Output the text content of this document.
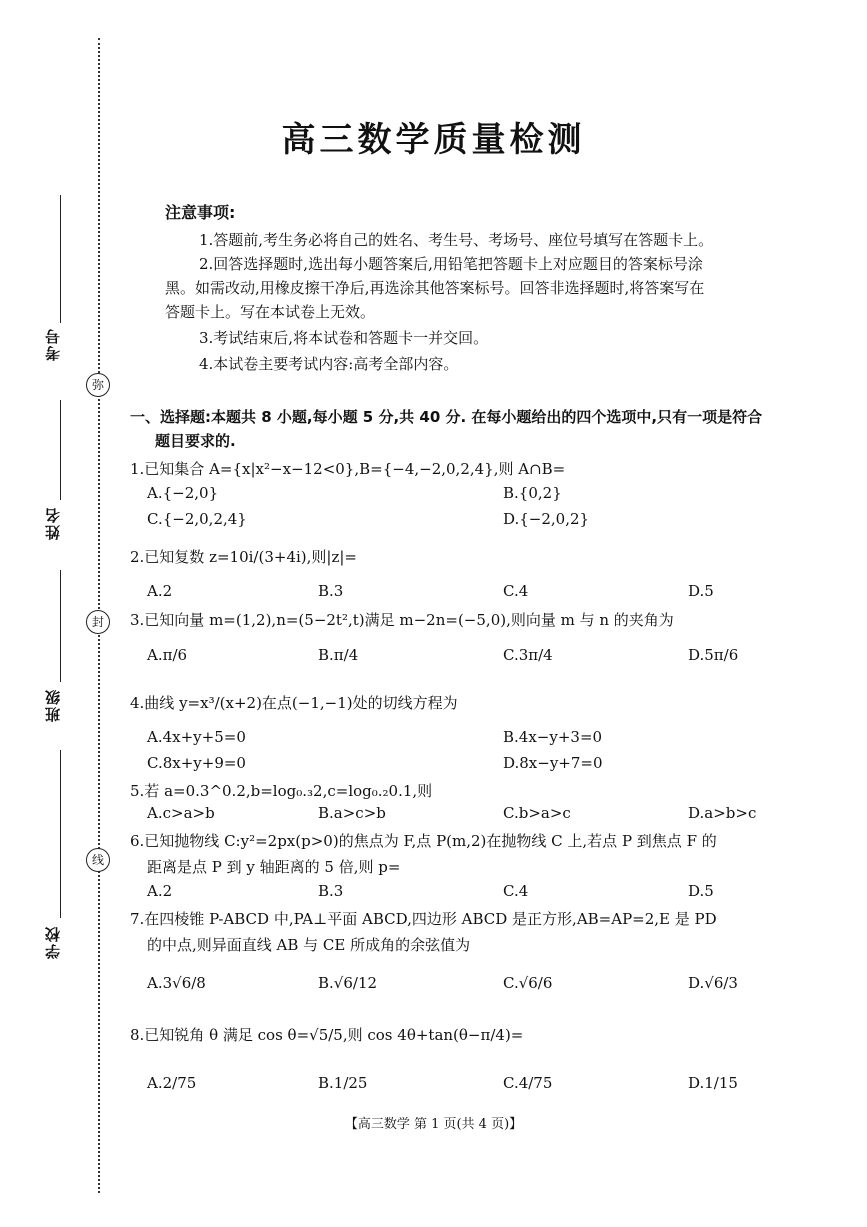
考号
姓名
班级
学校
弥
封
线
高三数学质量检测
注意事项:
1.答题前,考生务必将自己的姓名、考生号、考场号、座位号填写在答题卡上。
2.回答选择题时,选出每小题答案后,用铅笔把答题卡上对应题目的答案标号涂
黑。如需改动,用橡皮擦干净后,再选涂其他答案标号。回答非选择题时,将答案写在
答题卡上。写在本试卷上无效。
3.考试结束后,将本试卷和答题卡一并交回。
4.本试卷主要考试内容:高考全部内容。
一、选择题:本题共 8 小题,每小题 5 分,共 40 分. 在每小题给出的四个选项中,只有一项是符合
题目要求的.
1.已知集合 A={x|x²−x−12<0},B={−4,−2,0,2,4},则 A∩B=
A.{−2,0}	B.{0,2}
C.{−2,0,2,4}	D.{−2,0,2}
2.已知复数 z=10i/(3+4i),则|z|=
A.2	B.3	C.4	D.5
3.已知向量 m=(1,2),n=(5−2t²,t)满足 m−2n=(−5,0),则向量 m 与 n 的夹角为
A.π/6	B.π/4	C.3π/4	D.5π/6
4.曲线 y=x³/(x+2)在点(−1,−1)处的切线方程为
A.4x+y+5=0	B.4x−y+3=0
C.8x+y+9=0	D.8x−y+7=0
5.若 a=0.3^0.2,b=log₀.₃2,c=log₀.₂0.1,则
A.c>a>b	B.a>c>b	C.b>a>c	D.a>b>c
6.已知抛物线 C:y²=2px(p>0)的焦点为 F,点 P(m,2)在抛物线 C 上,若点 P 到焦点 F 的
距离是点 P 到 y 轴距离的 5 倍,则 p=
A.2	B.3	C.4	D.5
7.在四棱锥 P-ABCD 中,PA⊥平面 ABCD,四边形 ABCD 是正方形,AB=AP=2,E 是 PD
的中点,则异面直线 AB 与 CE 所成角的余弦值为
A.3√6/8	B.√6/12	C.√6/6	D.√6/3
8.已知锐角 θ 满足 cos θ=√5/5,则 cos 4θ+tan(θ−π/4)=
A.2/75	B.1/25	C.4/75	D.1/15
【高三数学 第 1 页(共 4 页)】
